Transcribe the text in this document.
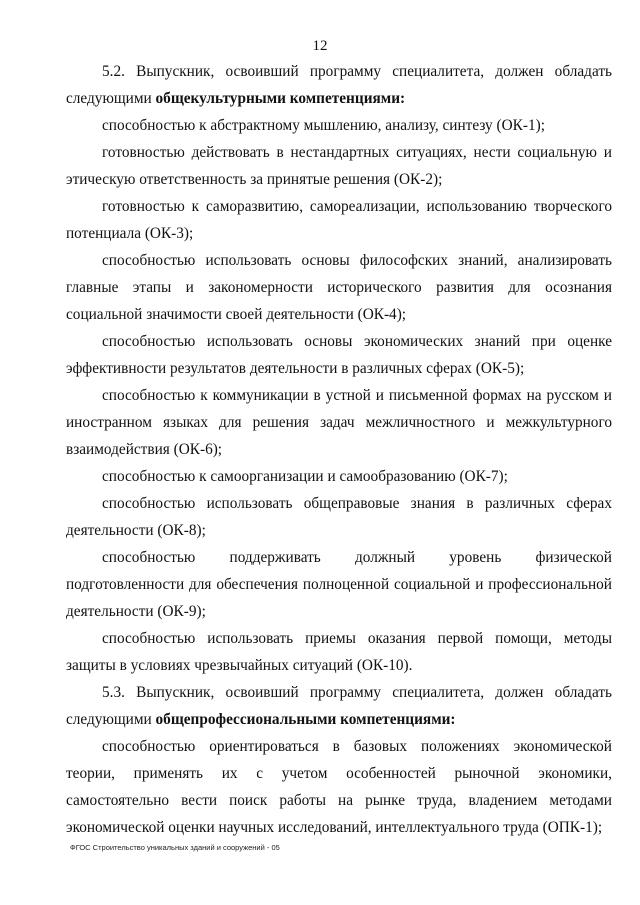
12

5.2. Выпускник, освоивший программу специалитета, должен обладать следующими общекультурными компетенциями:

способностью к абстрактному мышлению, анализу, синтезу (ОК-1);

готовностью действовать в нестандартных ситуациях, нести социальную и этическую ответственность за принятые решения (ОК-2);

готовностью к саморазвитию, самореализации, использованию творческого потенциала (ОК-3);

способностью использовать основы философских знаний, анализировать главные этапы и закономерности исторического развития для осознания социальной значимости своей деятельности (ОК-4);

способностью использовать основы экономических знаний при оценке эффективности результатов деятельности в различных сферах (ОК-5);

способностью к коммуникации в устной и письменной формах на русском и иностранном языках для решения задач межличностного и межкультурного взаимодействия (ОК-6);

способностью к самоорганизации и самообразованию (ОК-7);

способностью использовать общеправовые знания в различных сферах деятельности (ОК-8);

способностью поддерживать должный уровень физической подготовленности для обеспечения полноценной социальной и профессиональной деятельности (ОК-9);

способностью использовать приемы оказания первой помощи, методы защиты в условиях чрезвычайных ситуаций (ОК-10).

5.3. Выпускник, освоивший программу специалитета, должен обладать следующими общепрофессиональными компетенциями:

способностью ориентироваться в базовых положениях экономической теории, применять их с учетом особенностей рыночной экономики, самостоятельно вести поиск работы на рынке труда, владением методами экономической оценки научных исследований, интеллектуального труда (ОПК-1);

ФГОС Строительство уникальных зданий и сооружений - 05
